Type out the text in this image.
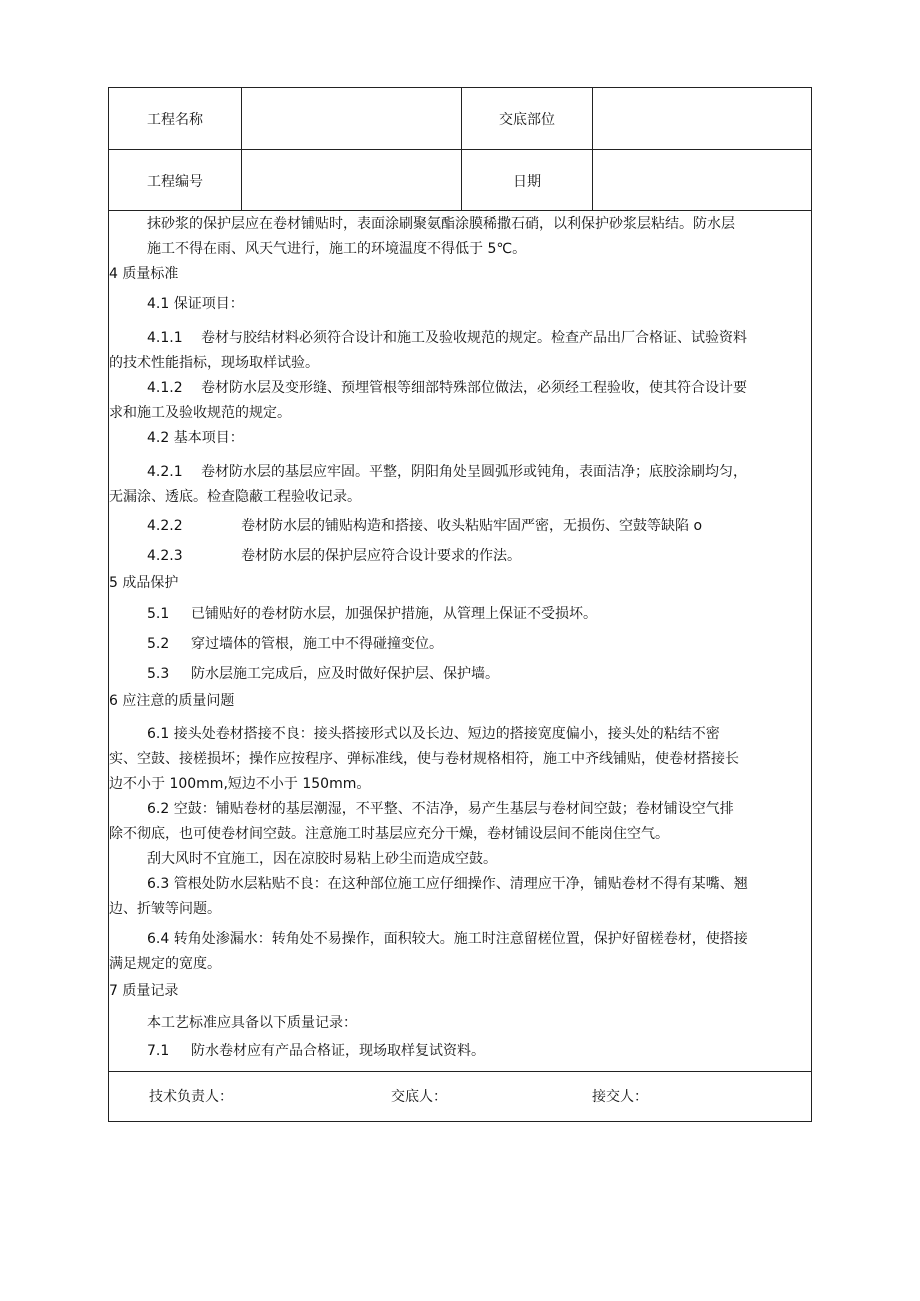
工程名称	交底部位
工程编号	日期
抹砂浆的保护层应在卷材铺贴时，表面涂刷聚氨酯涂膜稀撒石硝，以利保护砂浆层粘结。防水层
施工不得在雨、风天气进行，施工的环境温度不得低于 5℃。
4 质量标准
4.1 保证项目：
4.1.1 卷材与胶结材料必须符合设计和施工及验收规范的规定。检查产品出厂合格证、试验资料
的技术性能指标，现场取样试验。
4.1.2 卷材防水层及变形缝、预埋管根等细部特殊部位做法，必须经工程验收，使其符合设计要
求和施工及验收规范的规定。
4.2 基本项目：
4.2.1 卷材防水层的基层应牢固。平整，阴阳角处呈圆弧形或钝角，表面洁净；底胶涂刷均匀，
无漏涂、透底。检查隐蔽工程验收记录。
4.2.2	卷材防水层的铺贴构造和搭接、收头粘贴牢固严密，无损伤、空鼓等缺陷 o
4.2.3	卷材防水层的保护层应符合设计要求的作法。
5 成品保护
5.1 已铺贴好的卷材防水层，加强保护措施，从管理上保证不受损坏。
5.2 穿过墙体的管根，施工中不得碰撞变位。
5.3 防水层施工完成后，应及时做好保护层、保护墙。
6 应注意的质量问题
6.1 接头处卷材搭接不良：接头搭接形式以及长边、短边的搭接宽度偏小，接头处的粘结不密
实、空鼓、接槎损坏；操作应按程序、弹标准线，使与卷材规格相符，施工中齐线铺贴，使卷材搭接长
边不小于 100mm,短边不小于 150mm。
6.2 空鼓：铺贴卷材的基层潮湿，不平整、不洁净，易产生基层与卷材间空鼓；卷材铺设空气排
除不彻底，也可使卷材间空鼓。注意施工时基层应充分干燥，卷材铺设层间不能岗住空气。
刮大风时不宜施工，因在凉胶时易粘上砂尘而造成空鼓。
6.3 管根处防水层粘贴不良：在这种部位施工应仔细操作、清理应干净，铺贴卷材不得有某嘴、翘
边、折皱等问题。
6.4 转角处渗漏水：转角处不易操作，面积较大。施工时注意留槎位置，保护好留槎卷材，使搭接
满足规定的宽度。
7 质量记录
本工艺标准应具备以下质量记录：
7.1 防水卷材应有产品合格证，现场取样复试资料。
技术负责人：	交底人：	接交人：
